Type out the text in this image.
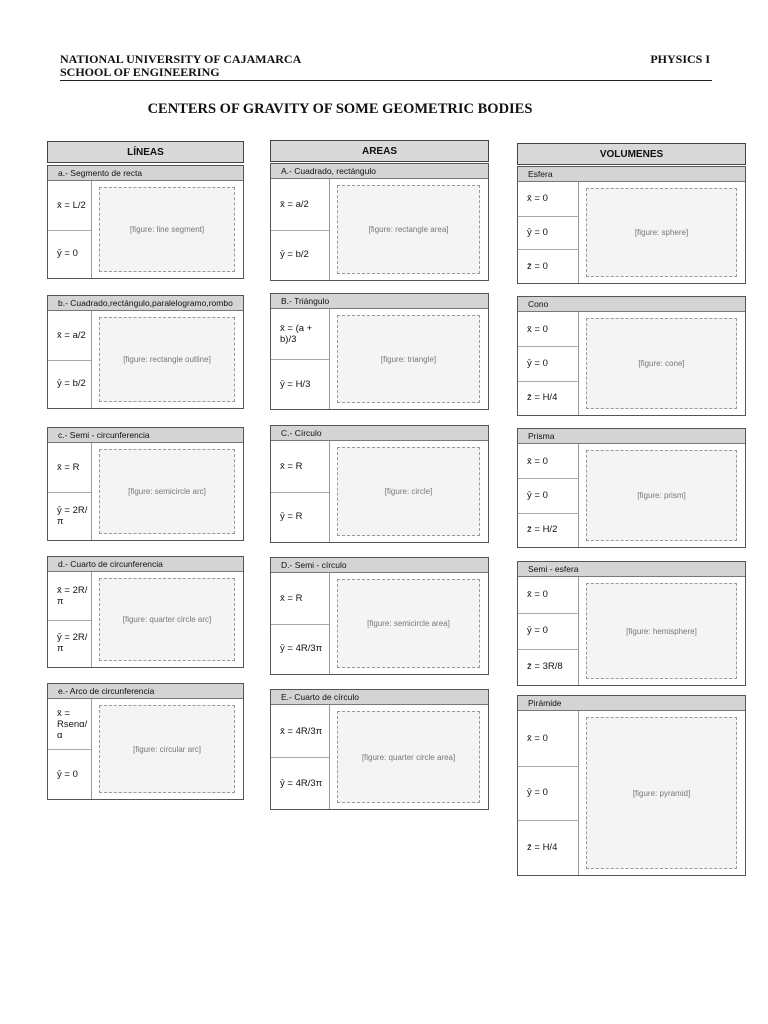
NATIONAL UNIVERSITY OF CAJAMARCA	PHYSICS I
SCHOOL OF ENGINEERING
CENTERS OF GRAVITY OF SOME GEOMETRIC BODIES
LÍNEAS
a.- Segmento de recta
x̄ = L/2
ȳ = 0
[figure: line segment]
b.- Cuadrado,rectángulo,paralelogramo,rombo
x̄ = a/2
ȳ = b/2
[figure: rectangle outline]
c.- Semi - circunferencia
x̄ = R
ȳ = 2R/π
[figure: semicircle arc]
d.- Cuarto de circunferencia
x̄ = 2R/π
ȳ = 2R/π
[figure: quarter circle arc]
e.- Arco de circunferencia
x̄ = Rsenα/α
ȳ = 0
[figure: circular arc]
AREAS
A.- Cuadrado, rectángulo
x̄ = a/2
ȳ = b/2
[figure: rectangle area]
B.- Triángulo
x̄ = (a + b)/3
ȳ = H/3
[figure: triangle]
C.- Círculo
x̄ = R
ȳ = R
[figure: circle]
D.- Semi - círculo
x̄ = R
ȳ = 4R/3π
[figure: semicircle area]
E.- Cuarto de círculo
x̄ = 4R/3π
ȳ = 4R/3π
[figure: quarter circle area]
VOLUMENES
Esfera
x̄ = 0
ȳ = 0
z̄ = 0
[figure: sphere]
Cono
x̄ = 0
ȳ = 0
z̄ = H/4
[figure: cone]
Prisma
x̄ = 0
ȳ = 0
z̄ = H/2
[figure: prism]
Semi - esfera
x̄ = 0
ȳ = 0
z̄ = 3R/8
[figure: hemisphere]
Pirámide
x̄ = 0
ȳ = 0
z̄ = H/4
[figure: pyramid]
